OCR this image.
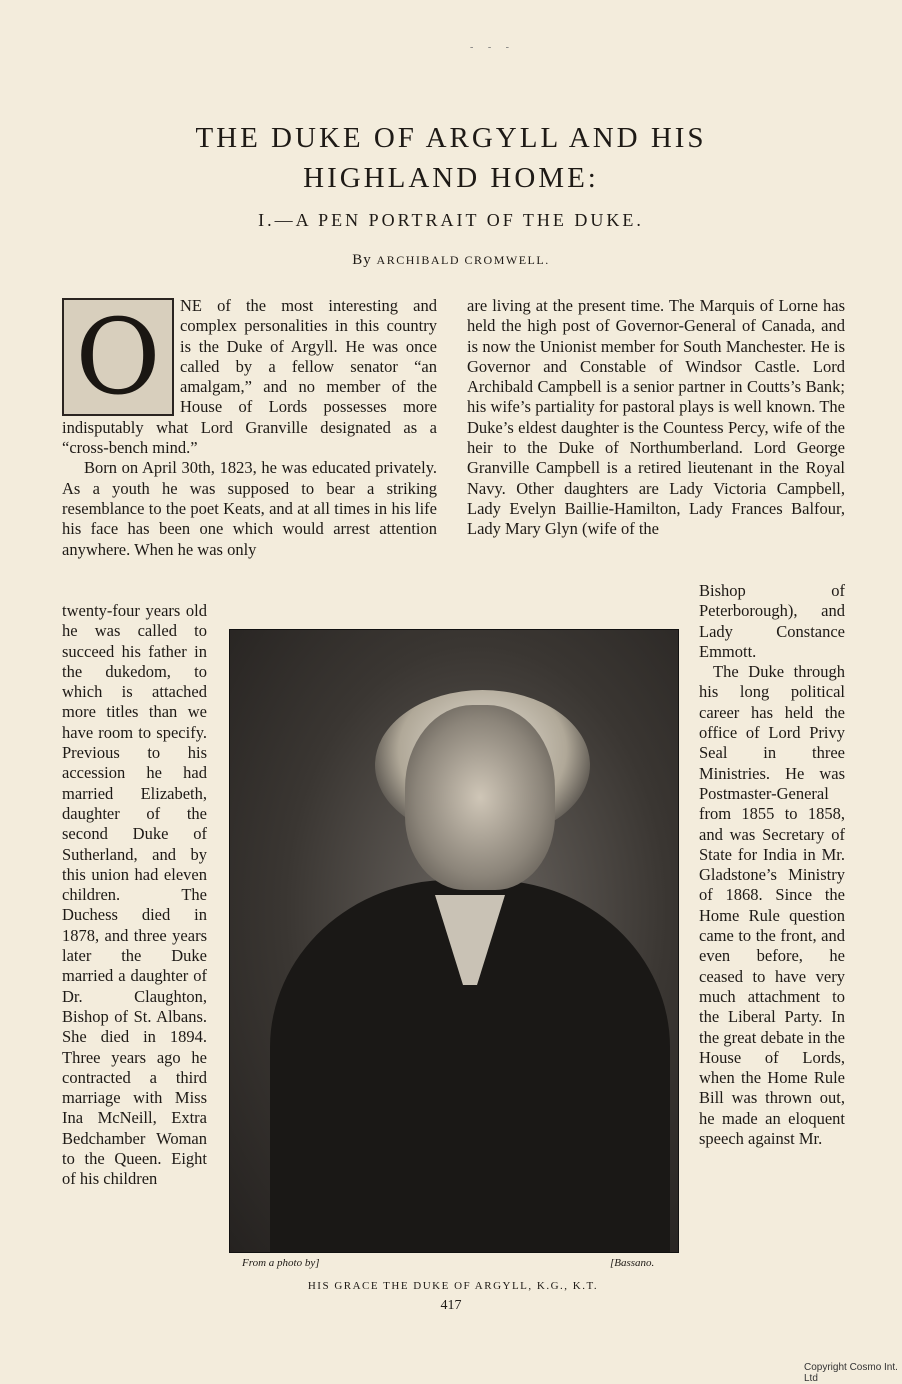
- - -
THE DUKE OF ARGYLL AND HIS
HIGHLAND HOME:
I.—A PEN PORTRAIT OF THE DUKE.

By ARCHIBALD CROMWELL.

O	NE of the most interesting and complex personalities in this country is the Duke of Argyll. He was once called by a fellow senator “an amalgam,” and no member of the House of Lords possesses more indisputably what Lord Granville designated as a “cross-bench mind.”

Born on April 30th, 1823, he was educated privately. As a youth he was supposed to bear a striking resemblance to the poet Keats, and at all times in his life his face has been one which would arrest attention anywhere. When he was only

twenty-four years old he was called to succeed his father in the dukedom, to which is attached more titles than we have room to specify. Previous to his accession he had married Elizabeth, daughter of the second Duke of Sutherland, and by this union had eleven children. The Duchess died in 1878, and three years later the Duke married a daughter of Dr. Claughton, Bishop of St. Albans. She died in 1894. Three years ago he contracted a third marriage with Miss Ina McNeill, Extra Bedchamber Woman to the Queen. Eight of his children
are living at the present time. The Marquis of Lorne has held the high post of Governor-General of Canada, and is now the Unionist member for South Manchester. He is Governor and Constable of Windsor Castle. Lord Archibald Campbell is a senior partner in Coutts’s Bank; his wife’s partiality for pastoral plays is well known. The Duke’s eldest daughter is the Countess Percy, wife of the heir to the Duke of Northumberland. Lord George Granville Campbell is a retired lieutenant in the Royal Navy. Other daughters are Lady Victoria Campbell, Lady Evelyn Baillie-Hamilton, Lady Frances Balfour, Lady Mary Glyn (wife of the

Bishop of Peterborough), and Lady Constance Emmott.

The Duke through his long political career has held the office of Lord Privy Seal in three Ministries. He was Postmaster-General from 1855 to 1858, and was Secretary of State for India in Mr. Gladstone’s Ministry of 1868. Since the Home Rule question came to the front, and even before, he ceased to have very much attachment to the Liberal Party. In the great debate in the House of Lords, when the Home Rule Bill was thrown out, he made an eloquent speech against Mr.

From a photo by]	[Bassano.
HIS GRACE THE DUKE OF ARGYLL, K.G., K.T.
417
Copyright Cosmo Int. Ltd
